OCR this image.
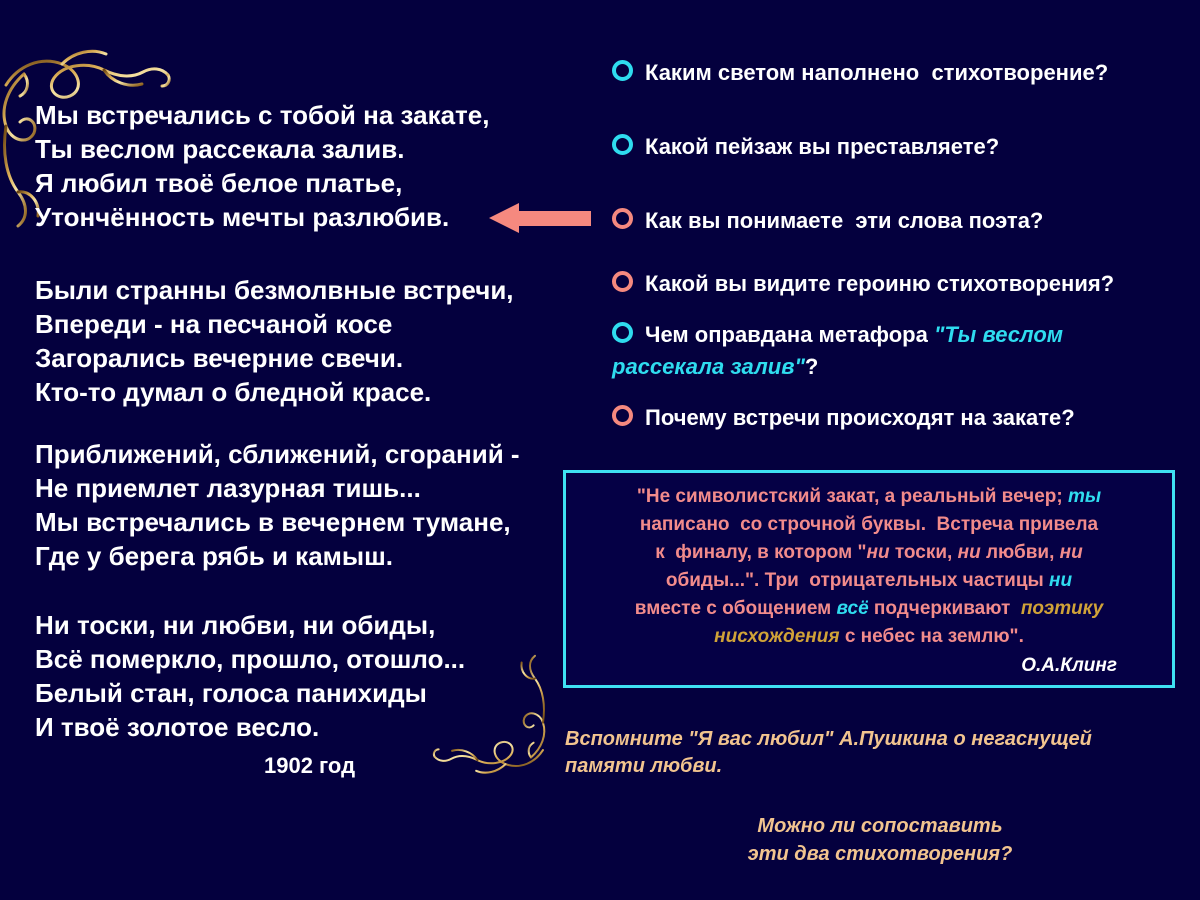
Мы встречались с тобой на закате,
Ты веслом рассекала залив.
Я любил твоё белое платье,
Утончённость мечты разлюбив.
Были странны безмолвные встречи,
Впереди - на песчаной косе
Загорались вечерние свечи.
Кто-то думал о бледной красе.
Приближений, сближений, сгораний -
Не приемлет лазурная тишь...
Мы встречались в вечернем тумане,
Где у берега рябь и камыш.
Ни тоски, ни любви, ни обиды,
Всё померкло, прошло, отошло...
Белый стан, голоса панихиды
И твоё золотое весло.
1902 год
Каким светом наполнено  стихотворение?
Какой пейзаж вы преставляете?
Как вы понимаете  эти слова поэта?
Какой вы видите героиню стихотворения?
Чем оправдана метафора "Ты веслом рассекала залив"?
Почему встречи происходят на закате?
"Не символистский закат, а реальный вечер; ты
написано  со строчной буквы.  Встреча привела
к  финалу, в котором "ни тоски, ни любви, ни
обиды...". Три  отрицательных частицы ни
вместе с обощением всё подчеркивают  поэтику
нисхождения с небес на землю".
О.А.Клинг
Вспомните "Я вас любил" А.Пушкина о негаснущей
памяти любви.
Можно ли сопоставить
эти два стихотворения?
